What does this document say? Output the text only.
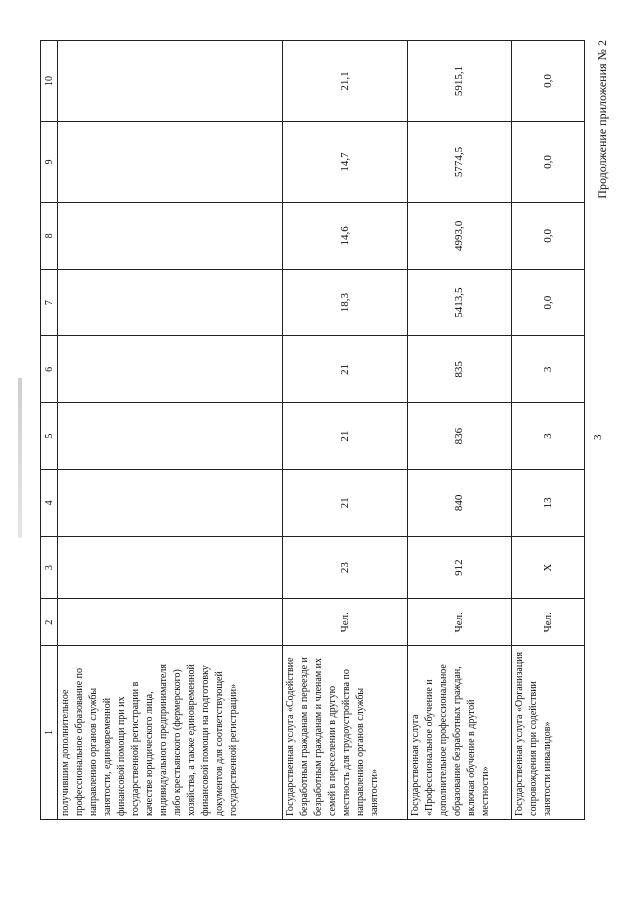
1	2	3	4	5	6	7	8	9	10
получившим дополнительное профессиональное образование по направлению органов службы занятости, единовременной финансовой помощи при их государственной регистрации в качестве юридического лица, индивидуального предпринимателя либо крестьянского (фермерского) хозяйства, а также единовременной финансовой помощи на подготовку документов для соответствующей государственной регистрации»									
Государственная услуга «Содействие безработным гражданам в переезде и безработным гражданам и членам их семей в переселении в другую местность для трудоустройства по направлению органов службы занятости»	Чел.	23	21	21	21	18,3	14,6	14,7	21,1
Государственная услуга «Профессиональное обучение и дополнительное профессиональное образование безработных граждан, включая обучение в другой местности»	Чел.	912	840	836	835	5413,5	4993,0	5774,5	5915,1
Государственная услуга «Организация сопровождения при содействии занятости инвалидов»	Чел.	Х	13	3	3	0,0	0,0	0,0	0,0
3
Продолжение приложения № 2
